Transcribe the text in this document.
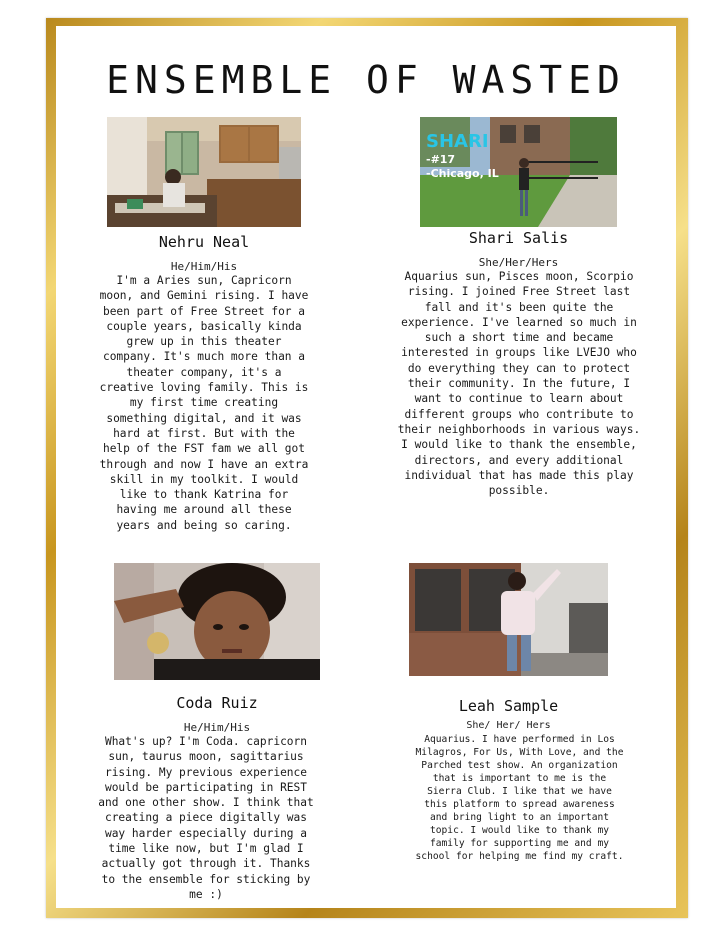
ENSEMBLE OF WASTED
Nehru Neal
He/Him/His
I'm a Aries sun, Capricorn moon, and Gemini rising. I have been part of Free Street for a couple years, basically kinda grew up in this theater company. It's much more than a theater company, it's a creative loving family. This is my first time creating something digital, and it was hard at first. But with the help of the FST fam we all got through and now I have an extra skill in my toolkit. I would like to thank Katrina for having me around all these years and being so caring.
SHARI
-#17
-Chicago, IL
Shari Salis
She/Her/Hers
Aquarius sun, Pisces moon, Scorpio rising. I joined Free Street last fall and it's been quite the experience. I've learned so much in such a short time and became interested in groups like LVEJO who do everything they can to protect their community. In the future, I want to continue to learn about different groups who contribute to their neighborhoods in various ways. I would like to thank the ensemble, directors, and every additional individual that has made this play possible.
Coda Ruiz
He/Him/His
What's up? I'm Coda. capricorn sun, taurus moon, sagittarius rising. My previous experience would be participating in REST and one other show. I think that creating a piece digitally was way harder especially during a time like now, but I'm glad I actually got through it. Thanks to the ensemble for sticking by me :)
Leah Sample
She/ Her/ Hers
Aquarius. I have performed in Los Milagros, For Us, With Love, and the Parched test show. An organization that is important to me is the Sierra Club. I like that we have this platform to spread awareness and bring light to an important topic. I would like to thank my family for supporting me and my school for helping me find my craft.
